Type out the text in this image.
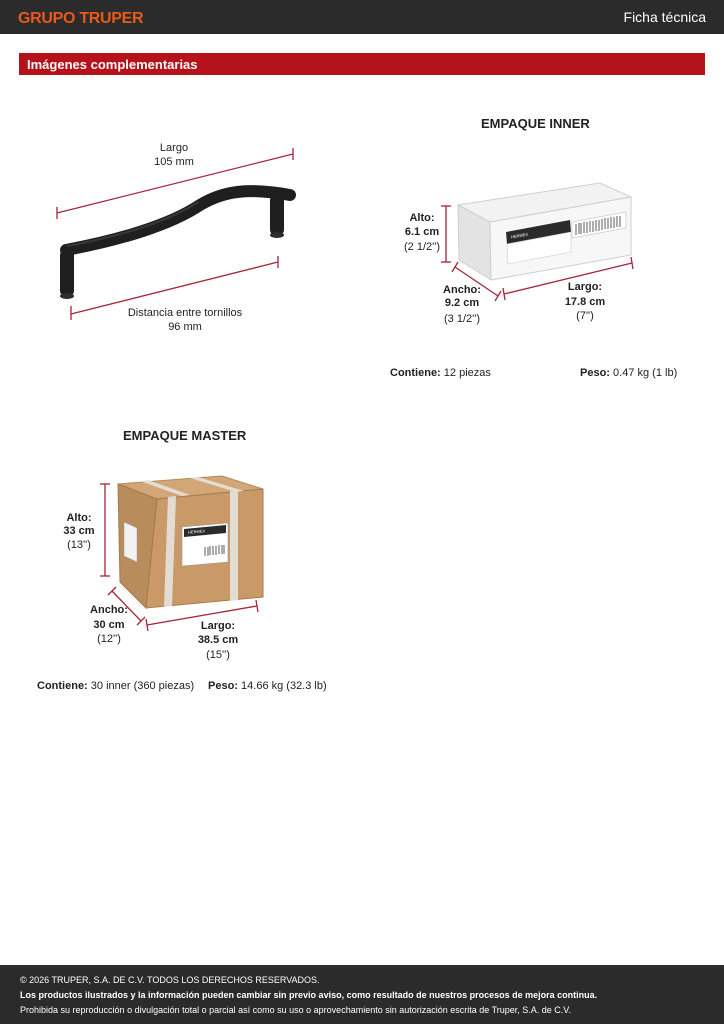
GRUPO TRUPER	Ficha técnica
Imágenes complementarias
HERMEX
HERMEX
Largo
105 mm
Distancia entre tornillos
96 mm
EMPAQUE INNER
Alto:
6.1 cm
(2 1/2'')
Ancho:
9.2 cm
(3 1/2'')
Largo:
17.8 cm
(7'')
Contiene: 12 piezas	Peso: 0.47 kg (1 lb)
EMPAQUE MASTER
Alto:
33 cm
(13'')
Ancho:
30 cm
(12'')
Largo:
38.5 cm
(15'')
Contiene: 30 inner (360 piezas) Peso: 14.66 kg (32.3 lb)
© 2026 TRUPER, S.A. DE C.V. TODOS LOS DERECHOS RESERVADOS.
Los productos ilustrados y la información pueden cambiar sin previo aviso, como resultado de nuestros procesos de mejora continua.
Prohibida su reproducción o divulgación total o parcial así como su uso o aprovechamiento sin autorización escrita de Truper, S.A. de C.V.
